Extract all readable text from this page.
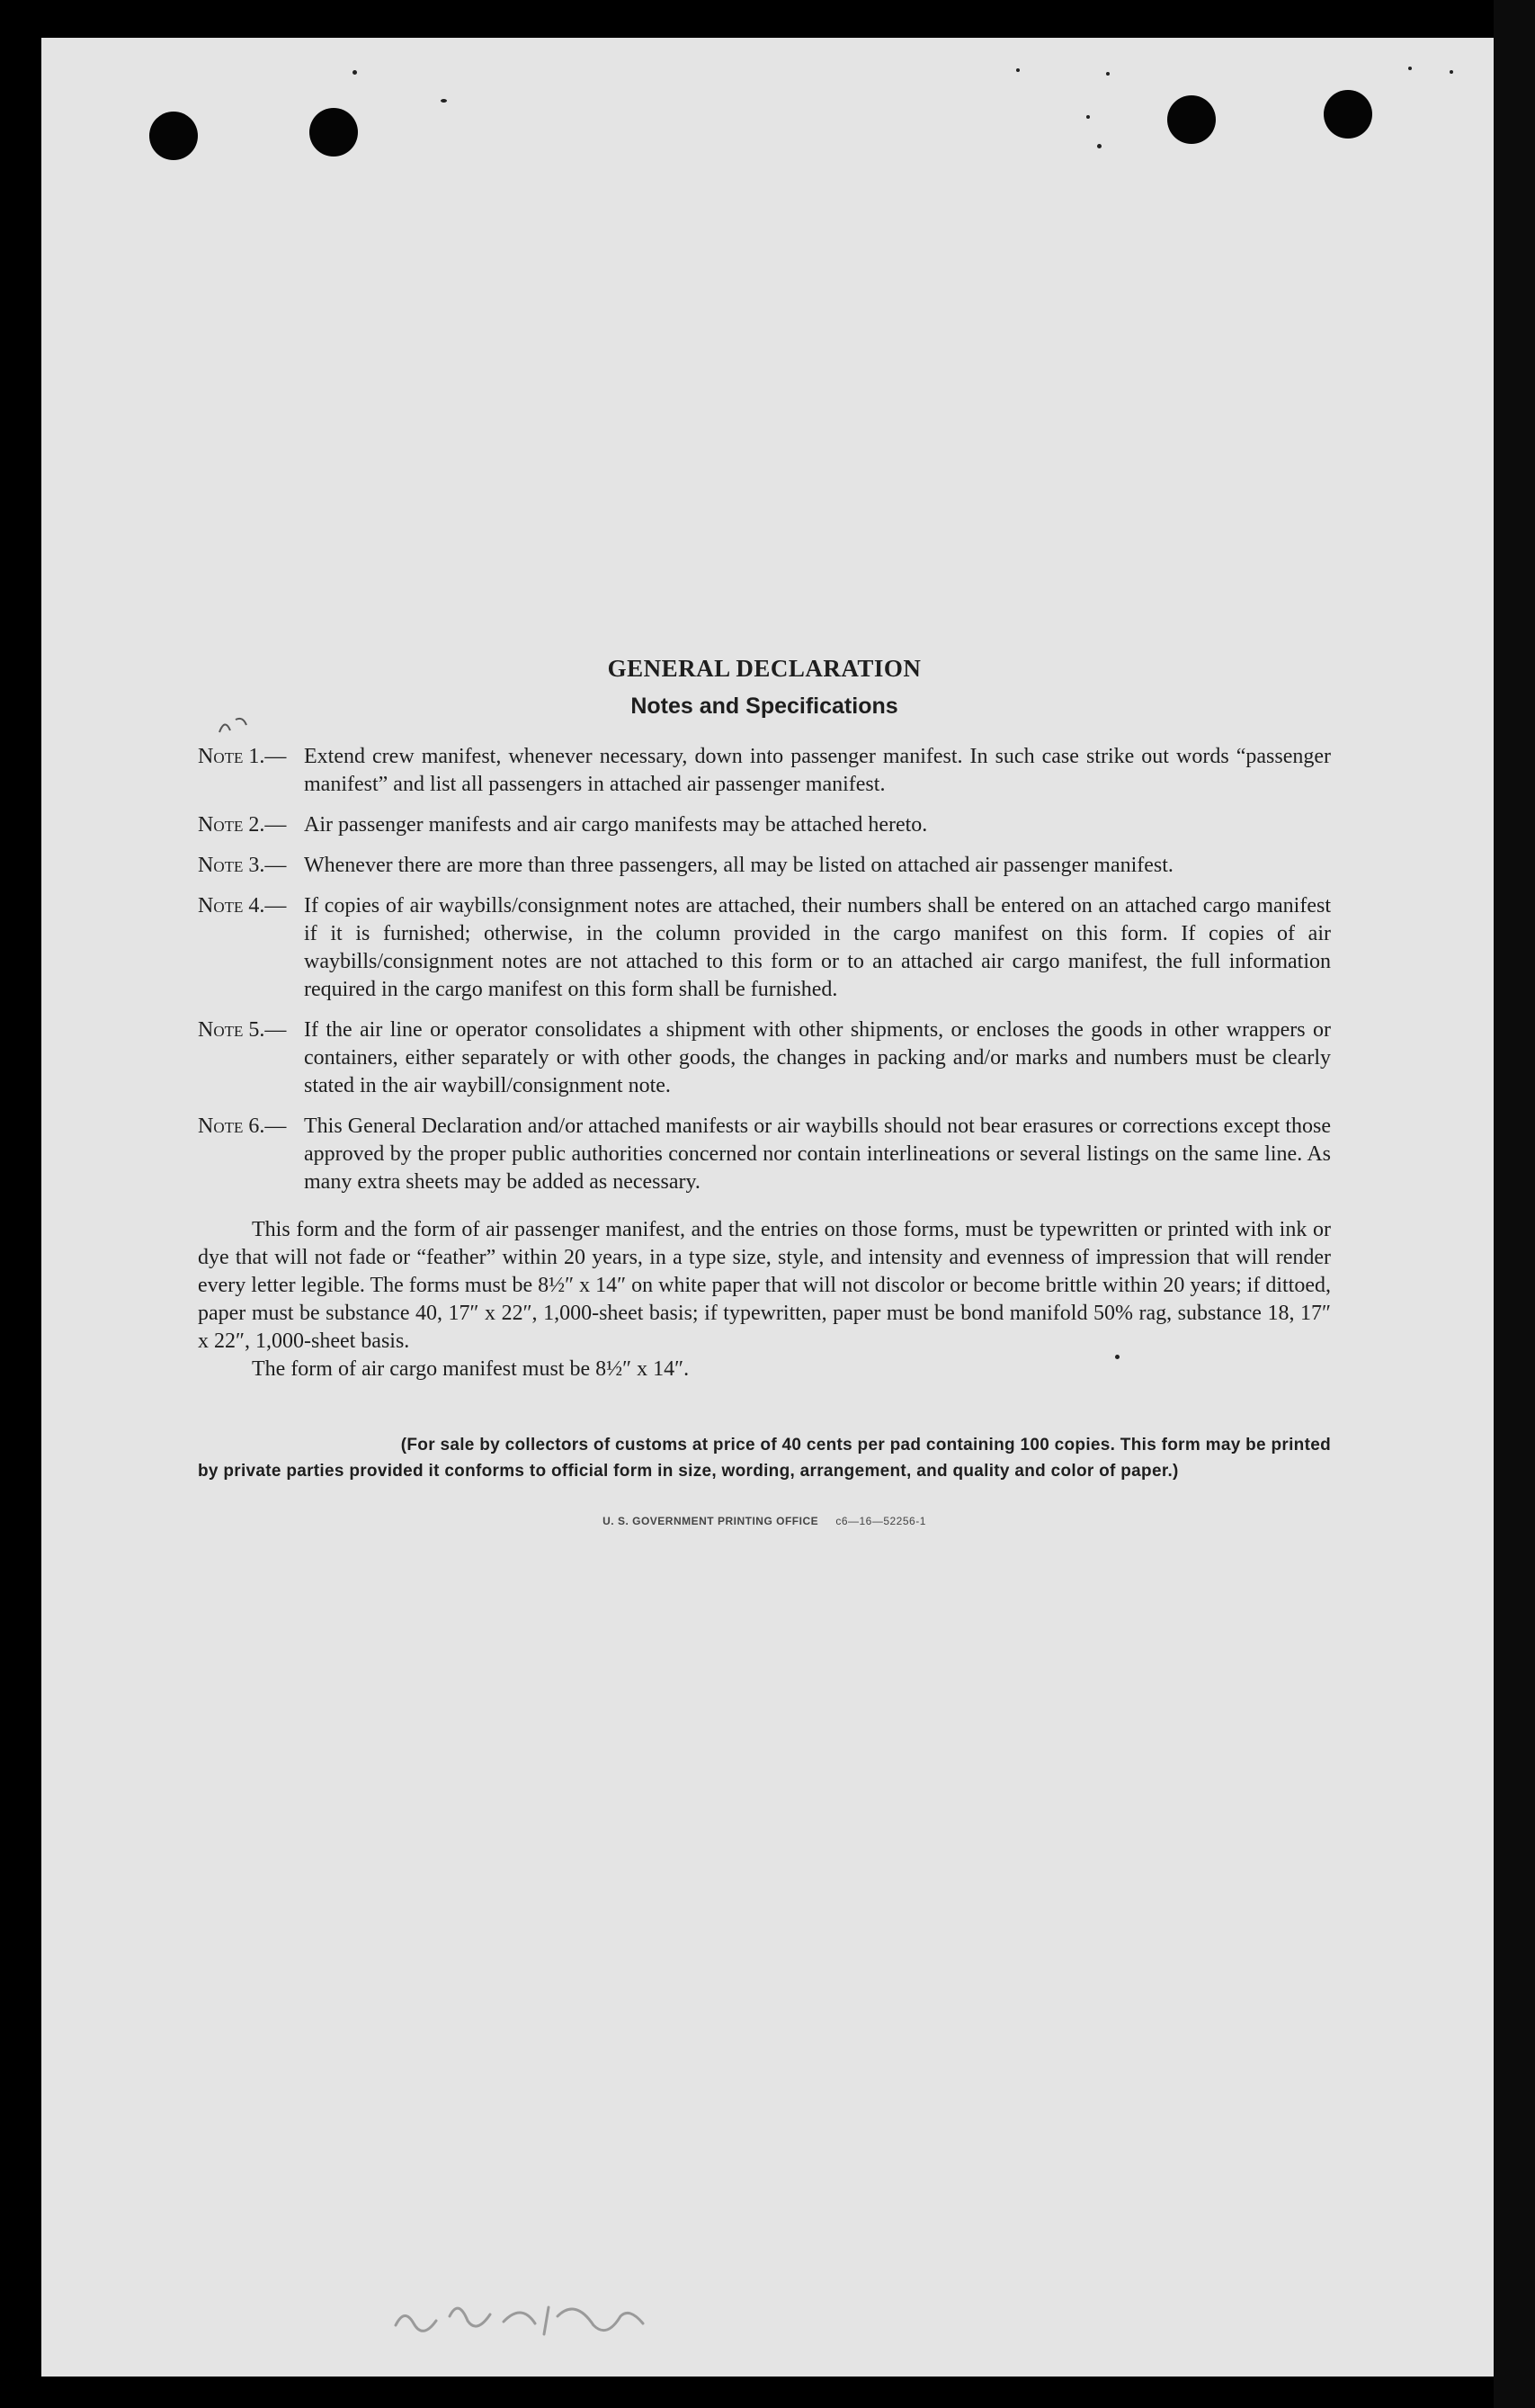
GENERAL DECLARATION
Notes and Specifications
Note 1.— Extend crew manifest, whenever necessary, down into passenger manifest. In such case strike out words “passenger manifest” and list all passengers in attached air passenger manifest.
Note 2.— Air passenger manifests and air cargo manifests may be attached hereto.
Note 3.— Whenever there are more than three passengers, all may be listed on attached air passenger manifest.
Note 4.— If copies of air waybills/consignment notes are attached, their numbers shall be entered on an attached cargo manifest if it is furnished; otherwise, in the column provided in the cargo manifest on this form. If copies of air waybills/consignment notes are not attached to this form or to an attached air cargo manifest, the full information required in the cargo manifest on this form shall be furnished.
Note 5.— If the air line or operator consolidates a shipment with other shipments, or encloses the goods in other wrappers or containers, either separately or with other goods, the changes in packing and/or marks and numbers must be clearly stated in the air waybill/consignment note.
Note 6.— This General Declaration and/or attached manifests or air waybills should not bear erasures or corrections except those approved by the proper public authorities concerned nor contain interlineations or several listings on the same line. As many extra sheets may be added as necessary.

This form and the form of air passenger manifest, and the entries on those forms, must be typewritten or printed with ink or dye that will not fade or “feather” within 20 years, in a type size, style, and intensity and evenness of impression that will render every letter legible. The forms must be 8½″ x 14″ on white paper that will not discolor or become brittle within 20 years; if dittoed, paper must be substance 40, 17″ x 22″, 1,000-sheet basis; if typewritten, paper must be bond manifold 50% rag, substance 18, 17″ x 22″, 1,000-sheet basis.

The form of air cargo manifest must be 8½″ x 14″.

(For sale by collectors of customs at price of 40 cents per pad containing 100 copies. This form may be printed
by private parties provided it conforms to official form in size, wording, arrangement, and quality and color of paper.)
U. S. GOVERNMENT PRINTING OFFICE c6—16—52256-1
